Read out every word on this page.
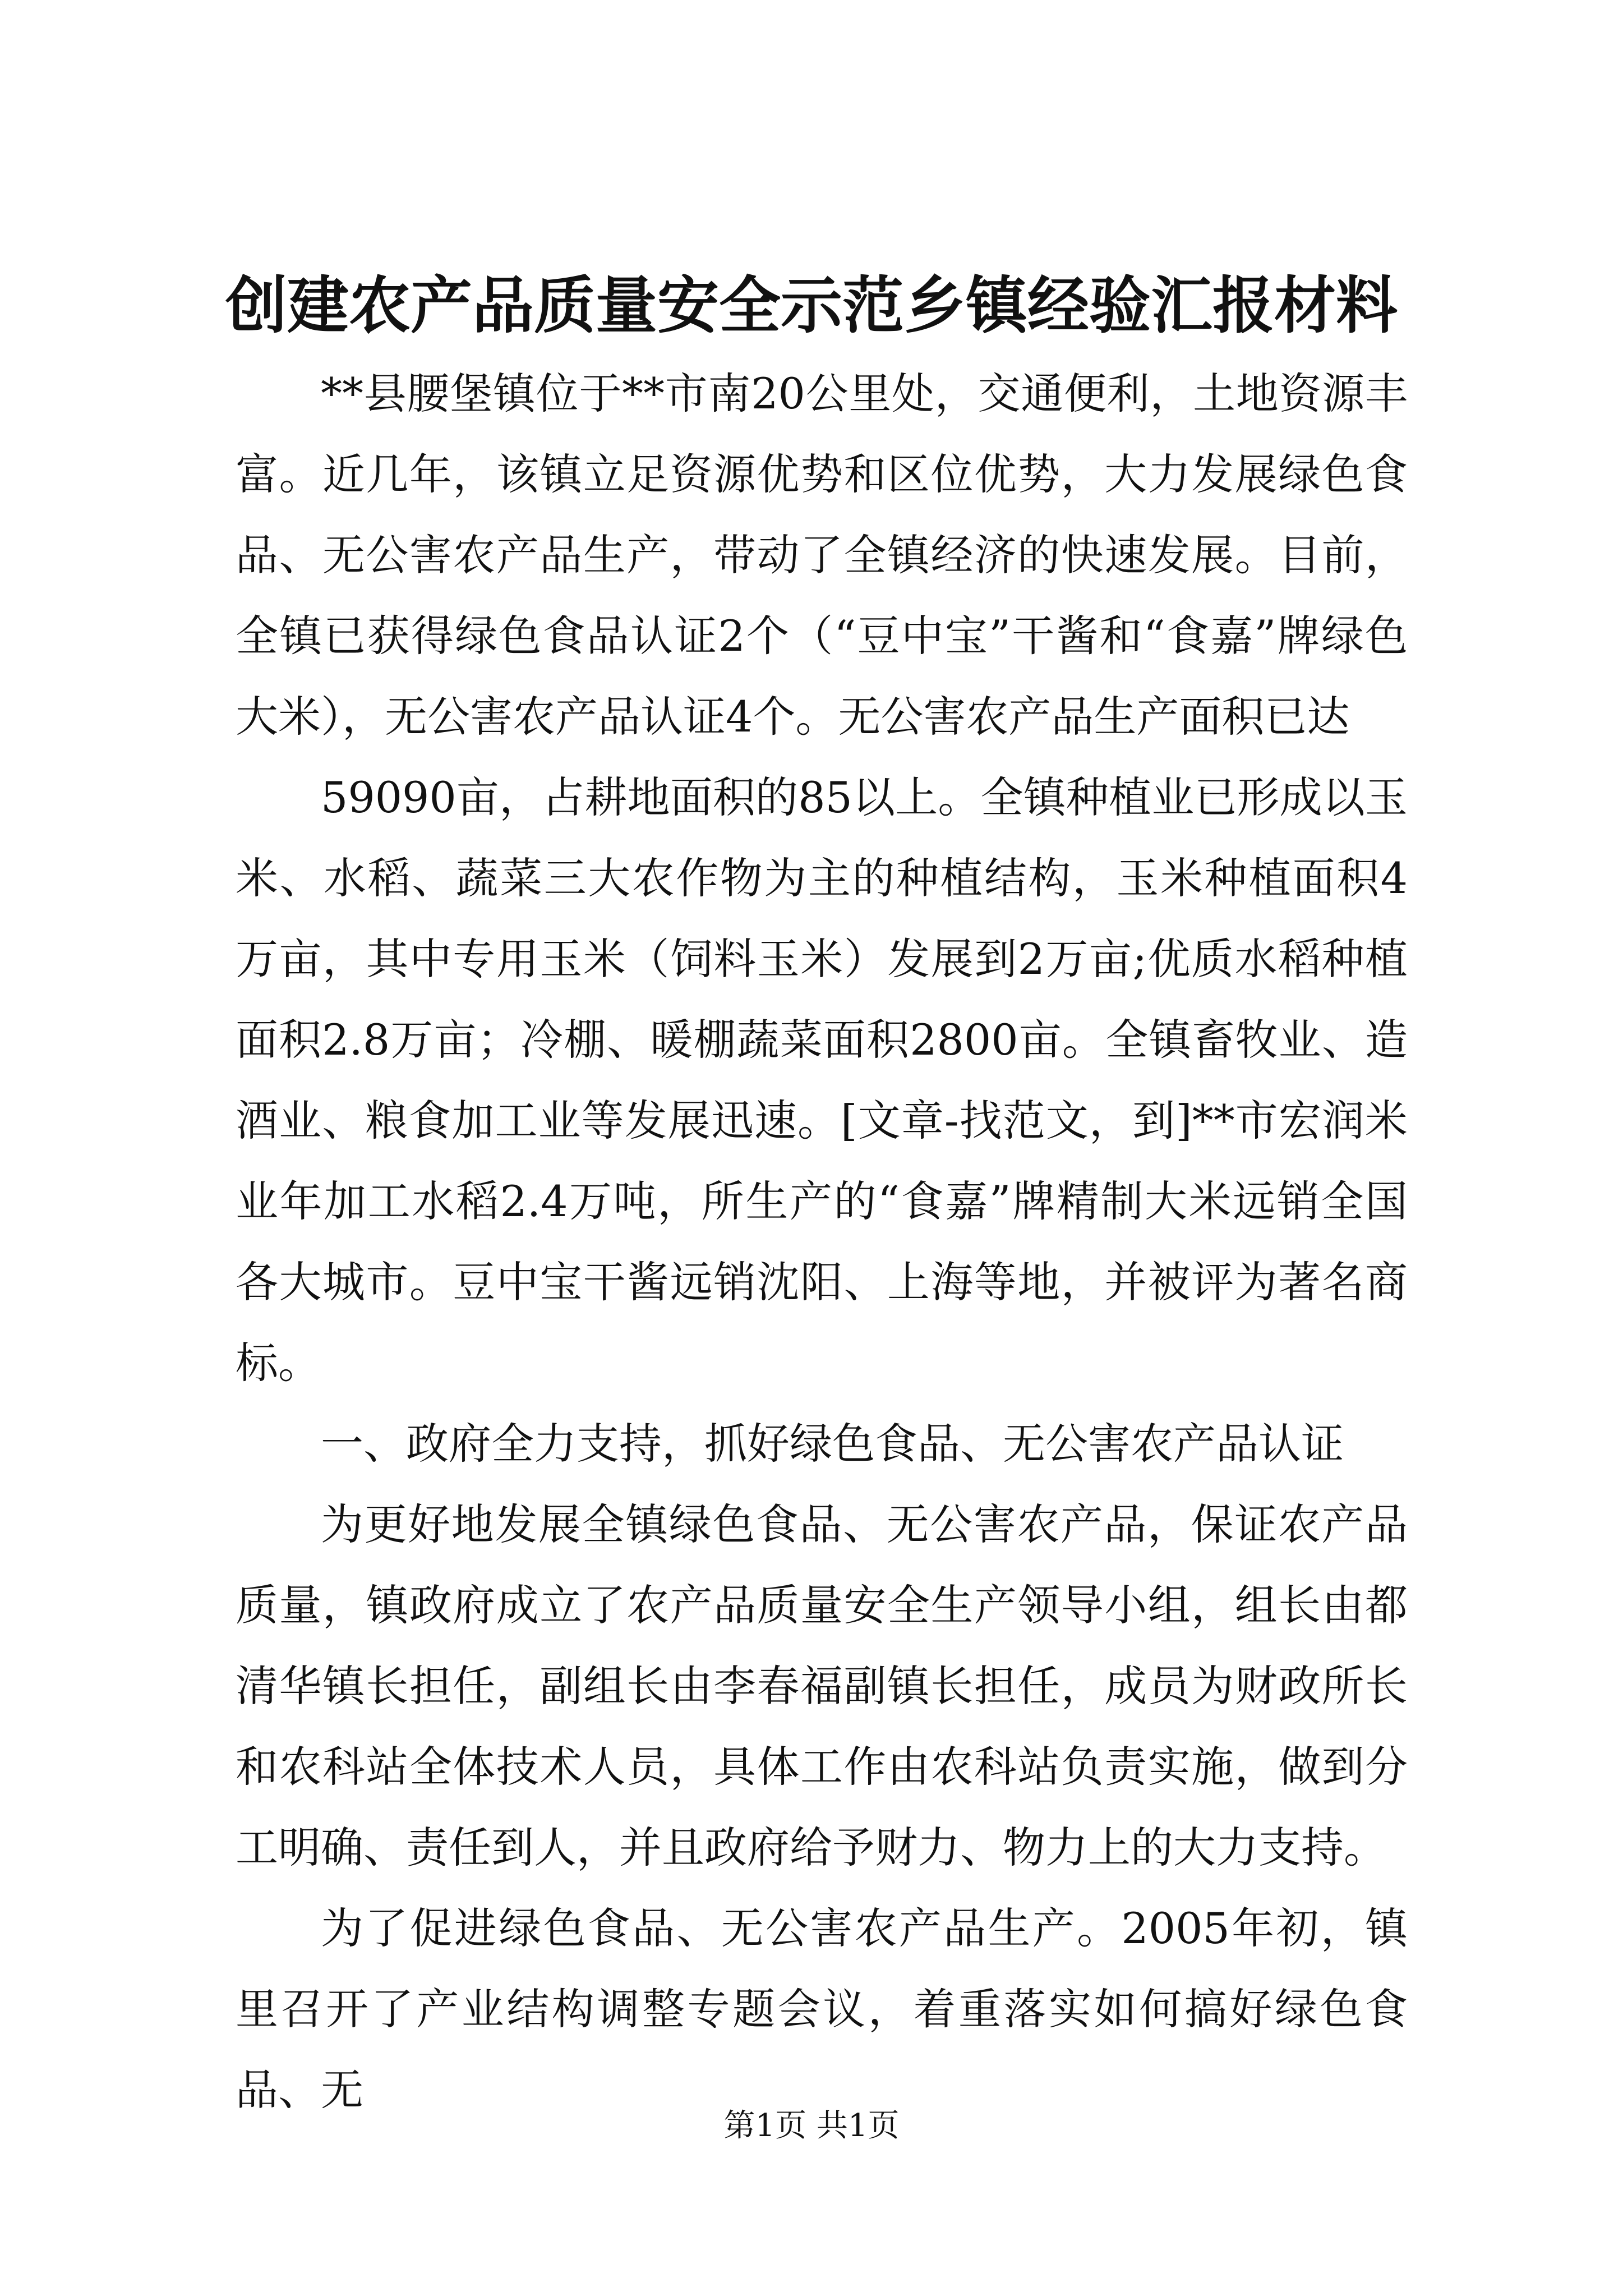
创建农产品质量安全示范乡镇经验汇报材料

**县腰堡镇位于**市南20公里处，交通便利，土地资源丰富。近几年，该镇立足资源优势和区位优势，大力发展绿色食品、无公害农产品生产，带动了全镇经济的快速发展。目前，全镇已获得绿色食品认证2个（“豆中宝”干酱和“食嘉”牌绿色大米），无公害农产品认证4个。无公害农产品生产面积已达

59090亩，占耕地面积的85以上。全镇种植业已形成以玉米、水稻、蔬菜三大农作物为主的种植结构，玉米种植面积4万亩，其中专用玉米（饲料玉米）发展到2万亩;优质水稻种植面积2.8万亩；冷棚、暖棚蔬菜面积2800亩。全镇畜牧业、造酒业、粮食加工业等发展迅速。[文章-找范文，到]**市宏润米业年加工水稻2.4万吨，所生产的“食嘉”牌精制大米远销全国各大城市。豆中宝干酱远销沈阳、上海等地，并被评为著名商标。

一、政府全力支持，抓好绿色食品、无公害农产品认证

为更好地发展全镇绿色食品、无公害农产品，保证农产品质量，镇政府成立了农产品质量安全生产领导小组，组长由都清华镇长担任，副组长由李春福副镇长担任，成员为财政所长和农科站全体技术人员，具体工作由农科站负责实施，做到分工明确、责任到人，并且政府给予财力、物力上的大力支持。

为了促进绿色食品、无公害农产品生产。2005年初，镇里召开了产业结构调整专题会议，着重落实如何搞好绿色食品、无

第1页 共1页
